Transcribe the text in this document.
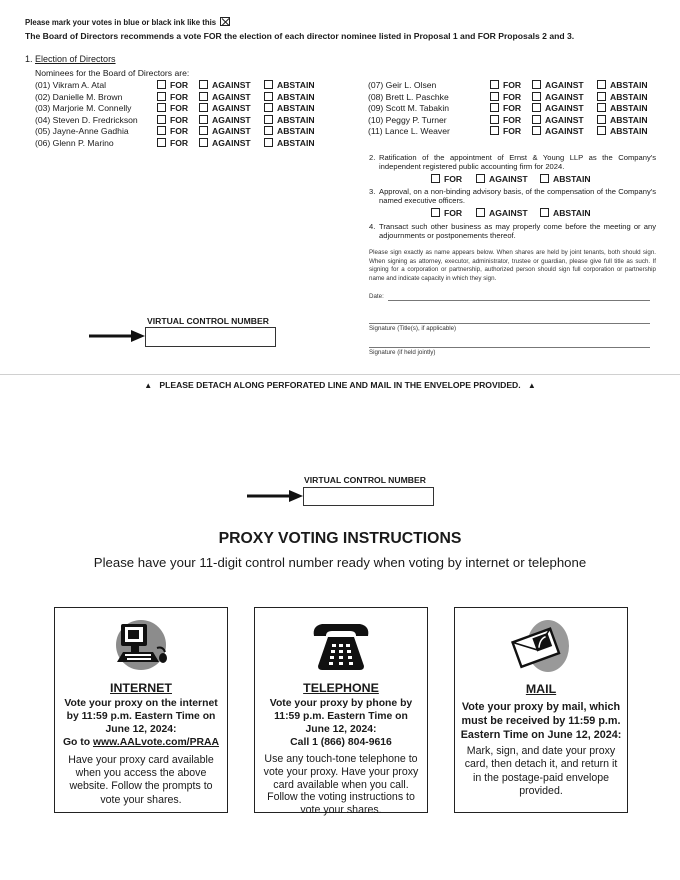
Please mark your votes in blue or black ink like this
The Board of Directors recommends a vote FOR the election of each director nominee listed in Proposal 1 and FOR Proposals 2 and 3.
1. Election of Directors
Nominees for the Board of Directors are:
(01) Vikram A. Atal	FOR	AGAINST	ABSTAIN
(02) Danielle M. Brown	FOR	AGAINST	ABSTAIN
(03) Marjorie M. Connelly	FOR	AGAINST	ABSTAIN
(04) Steven D. Fredrickson	FOR	AGAINST	ABSTAIN
(05) Jayne-Anne Gadhia	FOR	AGAINST	ABSTAIN
(06) Glenn P. Marino	FOR	AGAINST	ABSTAIN
(07) Geir L. Olsen	FOR	AGAINST	ABSTAIN
(08) Brett L. Paschke	FOR	AGAINST	ABSTAIN
(09) Scott M. Tabakin	FOR	AGAINST	ABSTAIN
(10) Peggy P. Turner	FOR	AGAINST	ABSTAIN
(11) Lance L. Weaver	FOR	AGAINST	ABSTAIN
2. Ratification of the appointment of Ernst & Young LLP as the Company's independent registered public accounting firm for 2024.
FOR	AGAINST	ABSTAIN
3. Approval, on a non-binding advisory basis, of the compensation of the Company's named executive officers.
FOR	AGAINST	ABSTAIN
4. Transact such other business as may properly come before the meeting or any adjournments or postponements thereof.
Please sign exactly as name appears below. When shares are held by joint tenants, both should sign. When signing as attorney, executor, administrator, trustee or guardian, please give full title as such. If signing for a corporation or partnership, authorized person should sign full corporation or partnership name and indicate capacity in which they sign.
Date:
Signature (Title(s), if applicable)
Signature (if held jointly)
VIRTUAL CONTROL NUMBER
▲ PLEASE DETACH ALONG PERFORATED LINE AND MAIL IN THE ENVELOPE PROVIDED. ▲
VIRTUAL CONTROL NUMBER
PROXY VOTING INSTRUCTIONS
Please have your 11-digit control number ready when voting by internet or telephone
INTERNET
Vote your proxy on the internet
by 11:59 p.m. Eastern Time on
June 12, 2024:
Go to www.AALvote.com/PRAA
Have your proxy card available when you access the above website. Follow the prompts to vote your shares.
TELEPHONE
Vote your proxy by phone by
11:59 p.m. Eastern Time on
June 12, 2024:
Call 1 (866) 804-9616
Use any touch-tone telephone to vote your proxy. Have your proxy card available when you call. Follow the voting instructions to vote your shares.
MAIL
Vote your proxy by mail, which
must be received by 11:59 p.m.
Eastern Time on June 12, 2024:
Mark, sign, and date your proxy card, then detach it, and return it in the postage-paid envelope provided.
